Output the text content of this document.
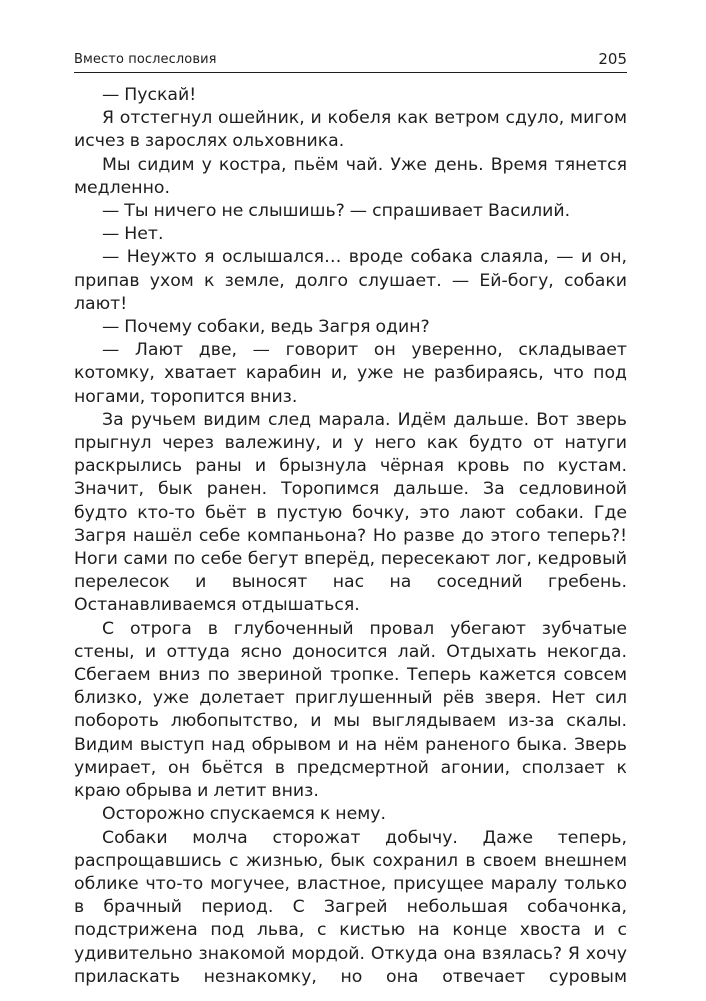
Вместо послесловия	205

— Пускай!

Я отстегнул ошейник, и кобеля как ветром сдуло, мигом исчез в зарослях ольховника.

Мы сидим у костра, пьём чай. Уже день. Время тянется медленно.

— Ты ничего не слышишь? — спрашивает Василий.

— Нет.

— Неужто я ослышался… вроде собака слаяла, — и он, припав ухом к земле, долго слушает. — Ей-богу, собаки лают!

— Почему собаки, ведь Загря один?

— Лают две, — говорит он уверенно, складывает котомку, хватает карабин и, уже не разбираясь, что под ногами, торопится вниз.

За ручьем видим след марала. Идём дальше. Вот зверь прыгнул через валежину, и у него как будто от натуги раскрылись раны и брызнула чёрная кровь по кустам. Значит, бык ранен. Торопимся дальше. За седловиной будто кто-то бьёт в пустую бочку, это лают собаки. Где Загря нашёл себе компаньона? Но разве до этого теперь?! Ноги сами по себе бегут вперёд, пересекают лог, кедровый перелесок и выносят нас на соседний гребень. Останавливаемся отдышаться.

С отрога в глубоченный провал убегают зубчатые стены, и оттуда ясно доносится лай. Отдыхать некогда. Сбегаем вниз по звериной тропке. Теперь кажется совсем близко, уже долетает приглушенный рёв зверя. Нет сил побороть любопытство, и мы выглядываем из-за скалы. Видим выступ над обрывом и на нём раненого быка. Зверь умирает, он бьётся в предсмертной агонии, сползает к краю обрыва и летит вниз.

Осторожно спускаемся к нему.

Собаки молча сторожат добычу. Даже теперь, распрощавшись с жизнью, бык сохранил в своем внешнем облике что-то могучее, властное, присущее маралу только в брачный период. С Загрей небольшая собачонка, подстрижена под льва, с кистью на конце хвоста и с удивительно знакомой мордой. Откуда она взялась? Я хочу приласкать незнакомку, но она отвечает суровым
